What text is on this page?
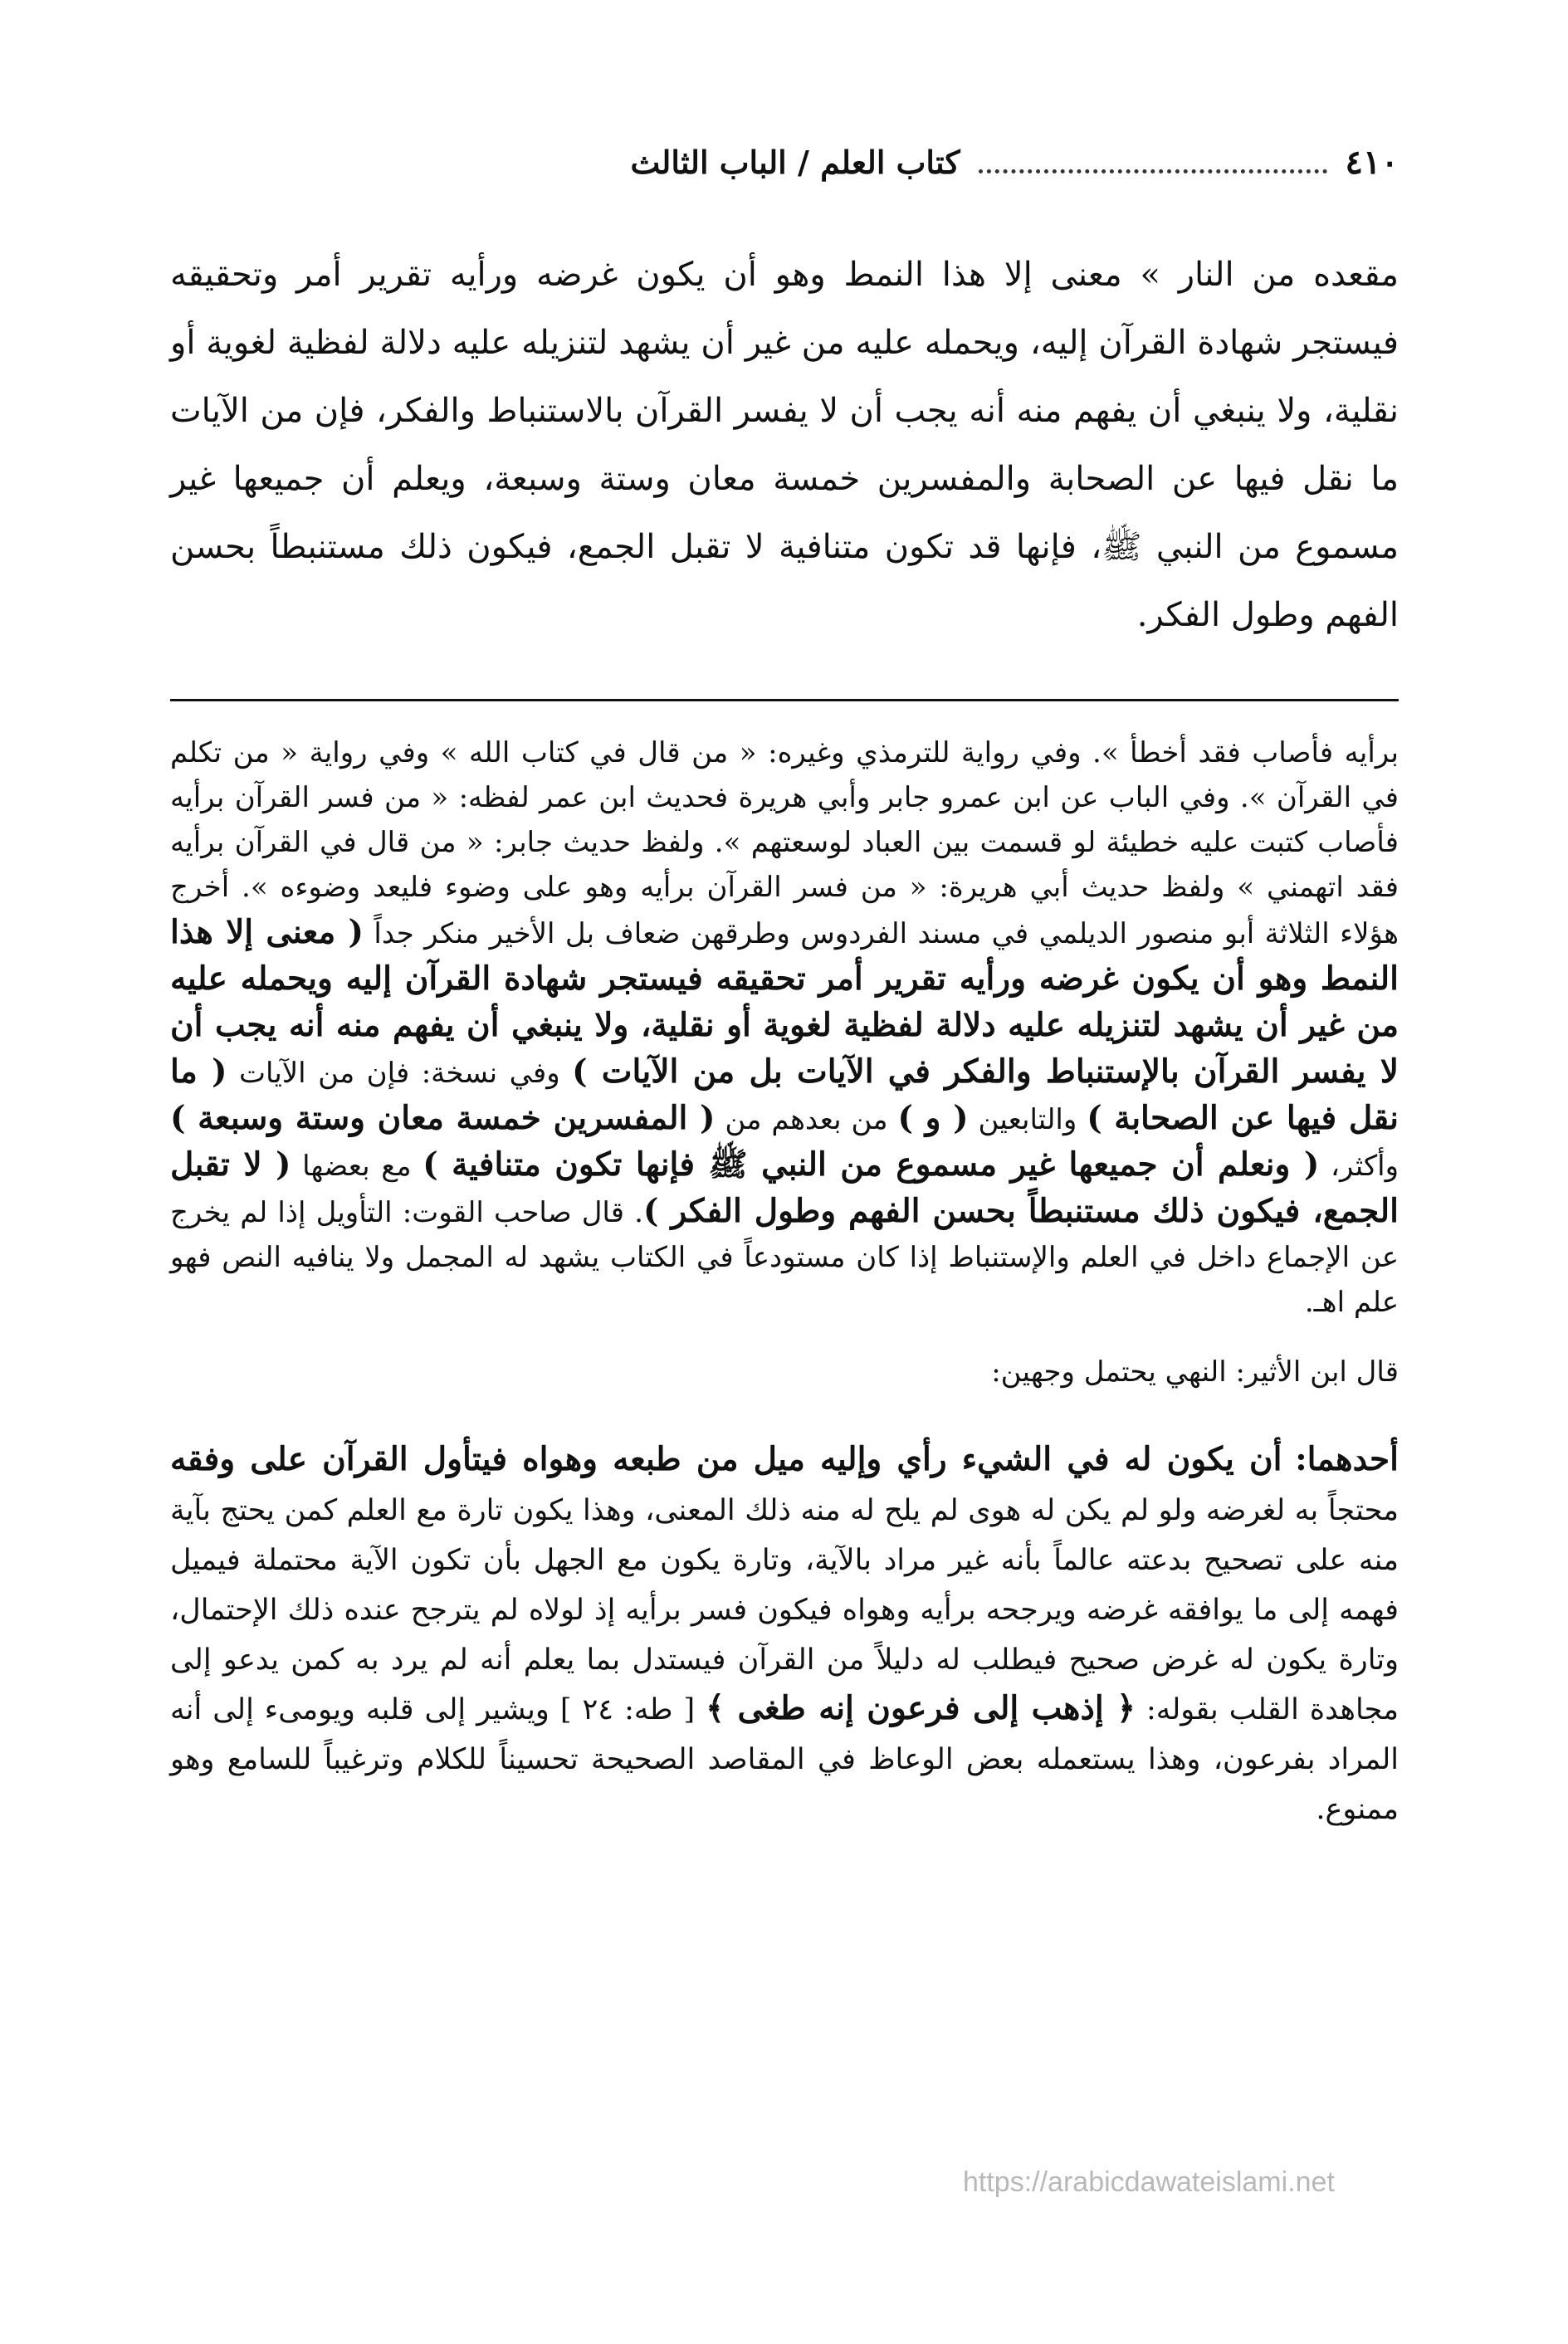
٤١٠
كتاب العلم / الباب الثالث

مقعده من النار » معنى إلا هذا النمط وهو أن يكون غرضه ورأيه تقرير أمر وتحقيقه فيستجر شهادة القرآن إليه، ويحمله عليه من غير أن يشهد لتنزيله عليه دلالة لفظية لغوية أو نقلية، ولا ينبغي أن يفهم منه أنه يجب أن لا يفسر القرآن بالاستنباط والفكر، فإن من الآيات ما نقل فيها عن الصحابة والمفسرين خمسة معان وستة وسبعة، ويعلم أن جميعها غير مسموع من النبي ﷺ، فإنها قد تكون متنافية لا تقبل الجمع، فيكون ذلك مستنبطاً بحسن الفهم وطول الفكر.

برأيه فأصاب فقد أخطأ ». وفي رواية للترمذي وغيره: « من قال في كتاب الله » وفي رواية « من تكلم في القرآن ». وفي الباب عن ابن عمرو جابر وأبي هريرة فحديث ابن عمر لفظه: « من فسر القرآن برأيه فأصاب كتبت عليه خطيئة لو قسمت بين العباد لوسعتهم ». ولفظ حديث جابر: « من قال في القرآن برأيه فقد اتهمني » ولفظ حديث أبي هريرة: « من فسر القرآن برأيه وهو على وضوء فليعد وضوءه ». أخرج هؤلاء الثلاثة أبو منصور الديلمي في مسند الفردوس وطرقهن ضعاف بل الأخير منكر جداً ( معنى إلا هذا النمط وهو أن يكون غرضه ورأيه تقرير أمر تحقيقه فيستجر شهادة القرآن إليه ويحمله عليه من غير أن يشهد لتنزيله عليه دلالة لفظية لغوية أو نقلية، ولا ينبغي أن يفهم منه أنه يجب أن لا يفسر القرآن بالإستنباط والفكر في الآيات بل من الآيات ) وفي نسخة: فإن من الآيات ( ما نقل فيها عن الصحابة ) والتابعين ( و ) من بعدهم من ( المفسرين خمسة معان وستة وسبعة ) وأكثر، ( ونعلم أن جميعها غير مسموع من النبي ﷺ فإنها تكون متنافية ) مع بعضها ( لا تقبل الجمع، فيكون ذلك مستنبطاً بحسن الفهم وطول الفكر ). قال صاحب القوت: التأويل إذا لم يخرج عن الإجماع داخل في العلم والإستنباط إذا كان مستودعاً في الكتاب يشهد له المجمل ولا ينافيه النص فهو علم اهـ.

قال ابن الأثير: النهي يحتمل وجهين:

أحدهما: أن يكون له في الشيء رأي وإليه ميل من طبعه وهواه فيتأول القرآن على وفقه محتجاً به لغرضه ولو لم يكن له هوى لم يلح له منه ذلك المعنى، وهذا يكون تارة مع العلم كمن يحتج بآية منه على تصحيح بدعته عالماً بأنه غير مراد بالآية، وتارة يكون مع الجهل بأن تكون الآية محتملة فيميل فهمه إلى ما يوافقه غرضه ويرجحه برأيه وهواه فيكون فسر برأيه إذ لولاه لم يترجح عنده ذلك الإحتمال، وتارة يكون له غرض صحيح فيطلب له دليلاً من القرآن فيستدل بما يعلم أنه لم يرد به كمن يدعو إلى مجاهدة القلب بقوله: ﴿ إذهب إلى فرعون إنه طغى ﴾ [ طه: ٢٤ ] ويشير إلى قلبه ويومىء إلى أنه المراد بفرعون، وهذا يستعمله بعض الوعاظ في المقاصد الصحيحة تحسيناً للكلام وترغيباً للسامع وهو ممنوع.

https://arabicdawateislami.net
